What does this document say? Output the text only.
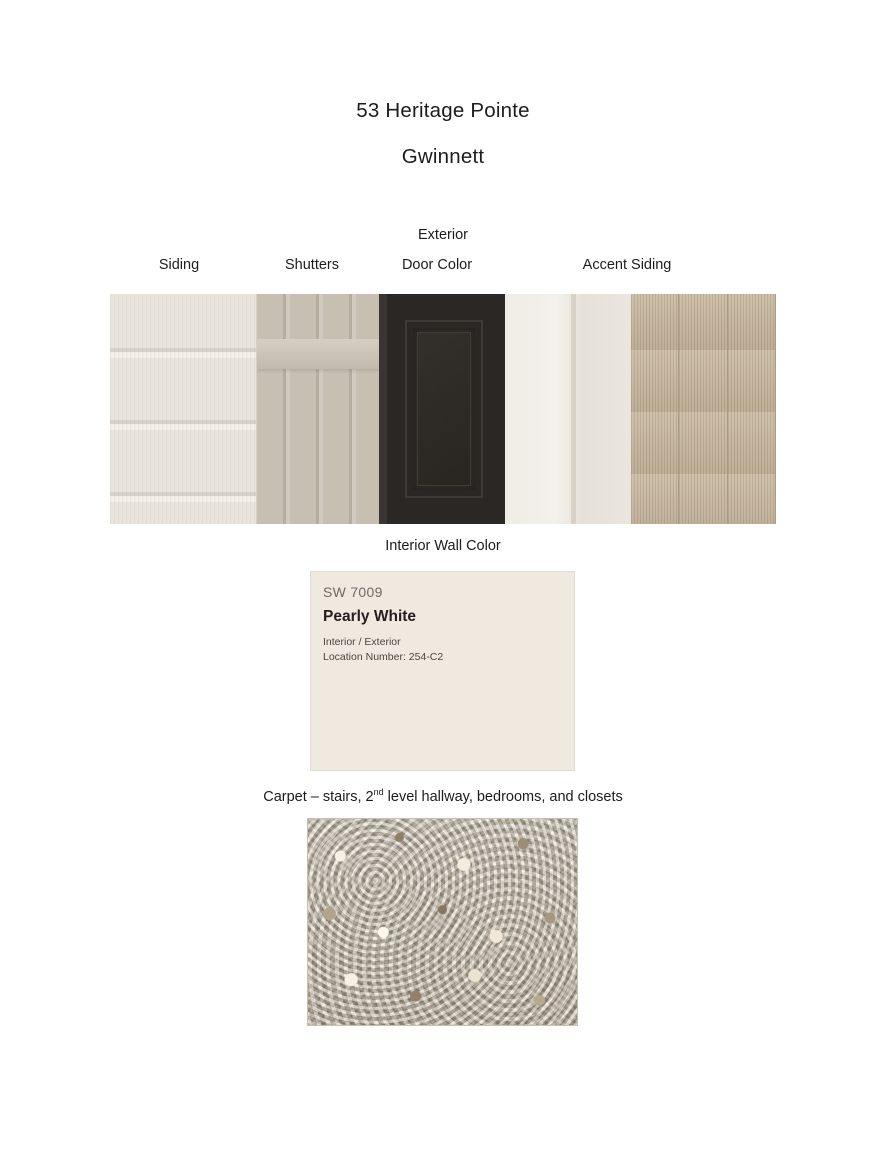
53 Heritage Pointe
Gwinnett
Exterior
Siding	Shutters	Door Color	Accent Siding
Interior Wall Color
SW 7009
Pearly White
Interior / Exterior
Location Number: 254-C2
Carpet – stairs, 2nd level hallway, bedrooms, and closets
